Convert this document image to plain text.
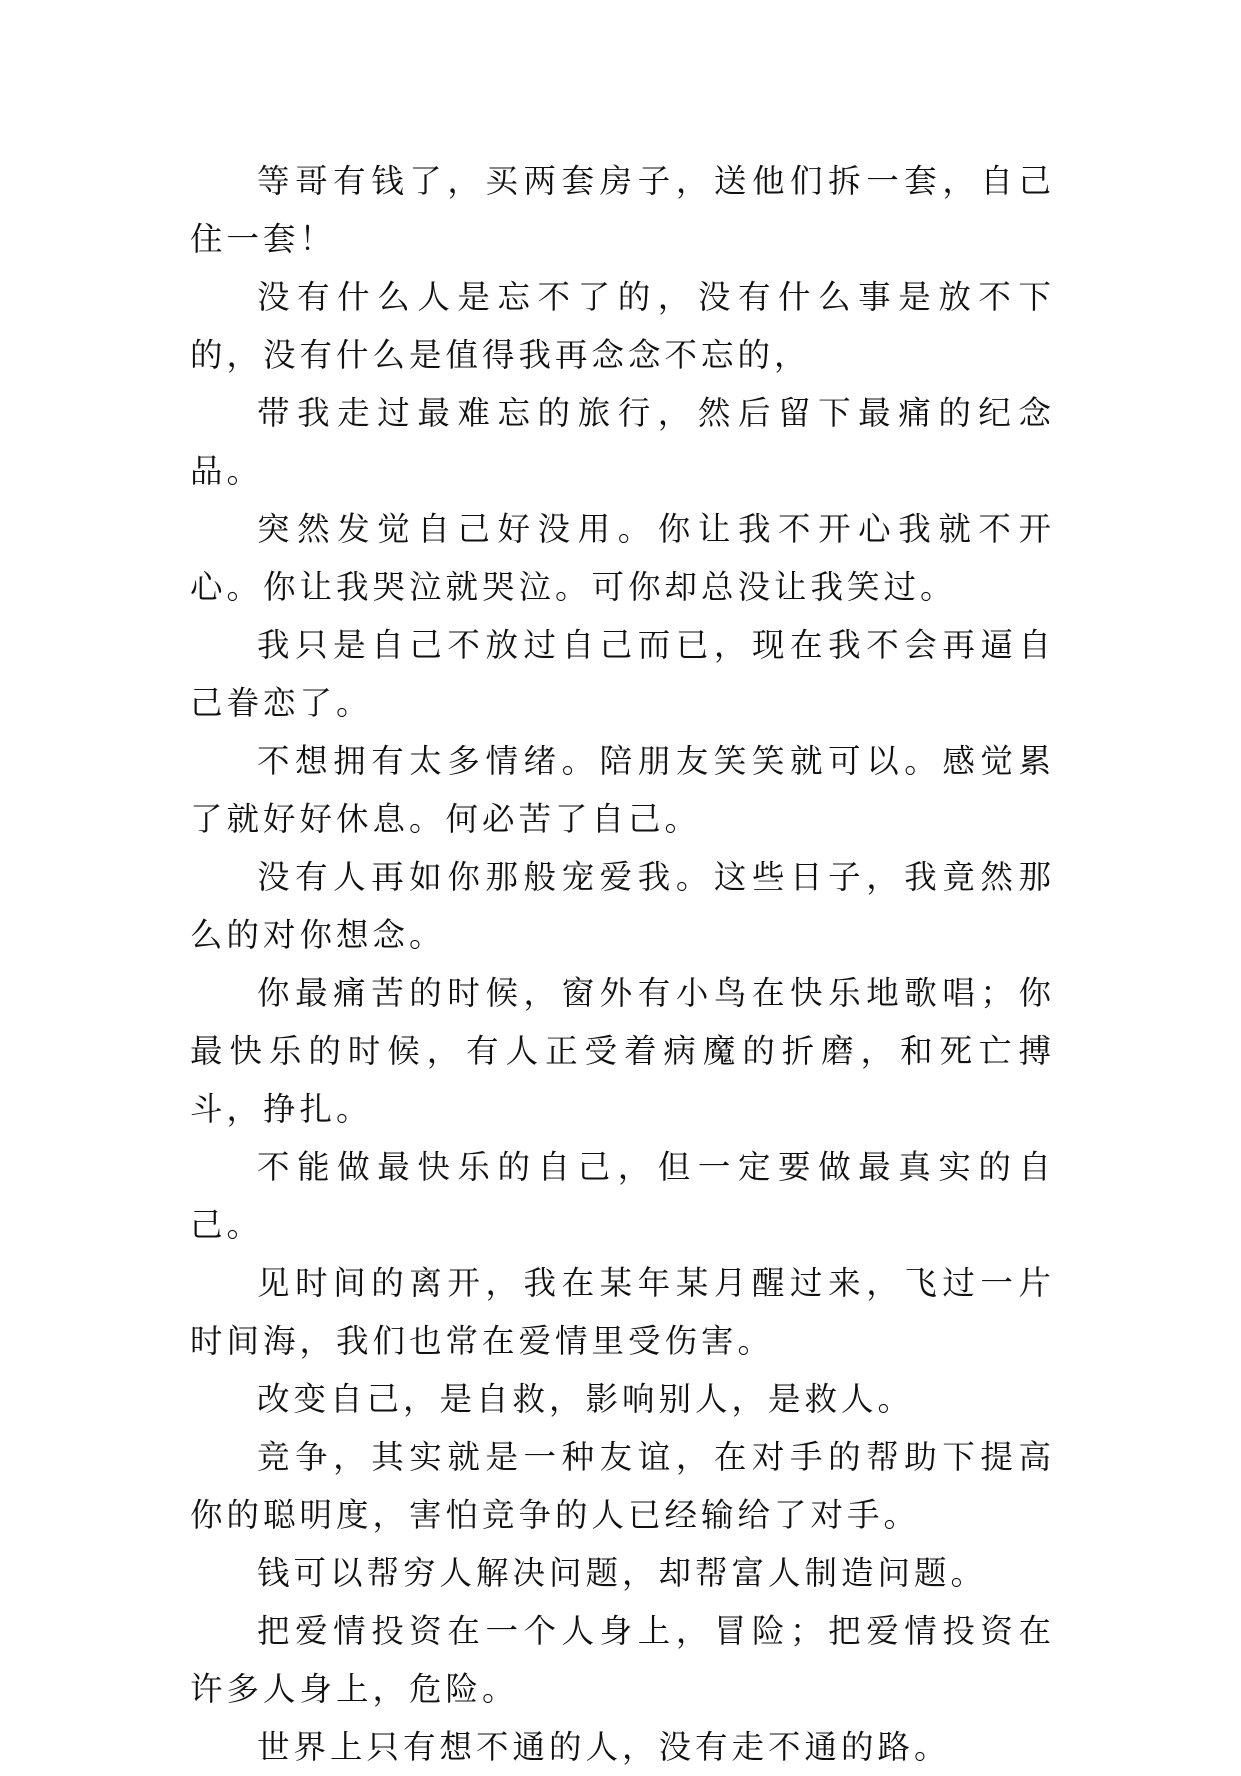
等哥有钱了，买两套房子，送他们拆一套，自己住一套！

没有什么人是忘不了的，没有什么事是放不下的，没有什么是值得我再念念不忘的，

带我走过最难忘的旅行，然后留下最痛的纪念品。

突然发觉自己好没用。你让我不开心我就不开心。你让我哭泣就哭泣。可你却总没让我笑过。

我只是自己不放过自己而已，现在我不会再逼自己眷恋了。

不想拥有太多情绪。陪朋友笑笑就可以。感觉累了就好好休息。何必苦了自己。

没有人再如你那般宠爱我。这些日子，我竟然那么的对你想念。

你最痛苦的时候，窗外有小鸟在快乐地歌唱；你最快乐的时候，有人正受着病魔的折磨，和死亡搏斗，挣扎。

不能做最快乐的自己，但一定要做最真实的自己。

见时间的离开，我在某年某月醒过来，飞过一片时间海，我们也常在爱情里受伤害。

改变自己，是自救，影响别人，是救人。

竞争，其实就是一种友谊，在对手的帮助下提高你的聪明度，害怕竞争的人已经输给了对手。

钱可以帮穷人解决问题，却帮富人制造问题。

把爱情投资在一个人身上，冒险；把爱情投资在许多人身上，危险。

世界上只有想不通的人，没有走不通的路。
